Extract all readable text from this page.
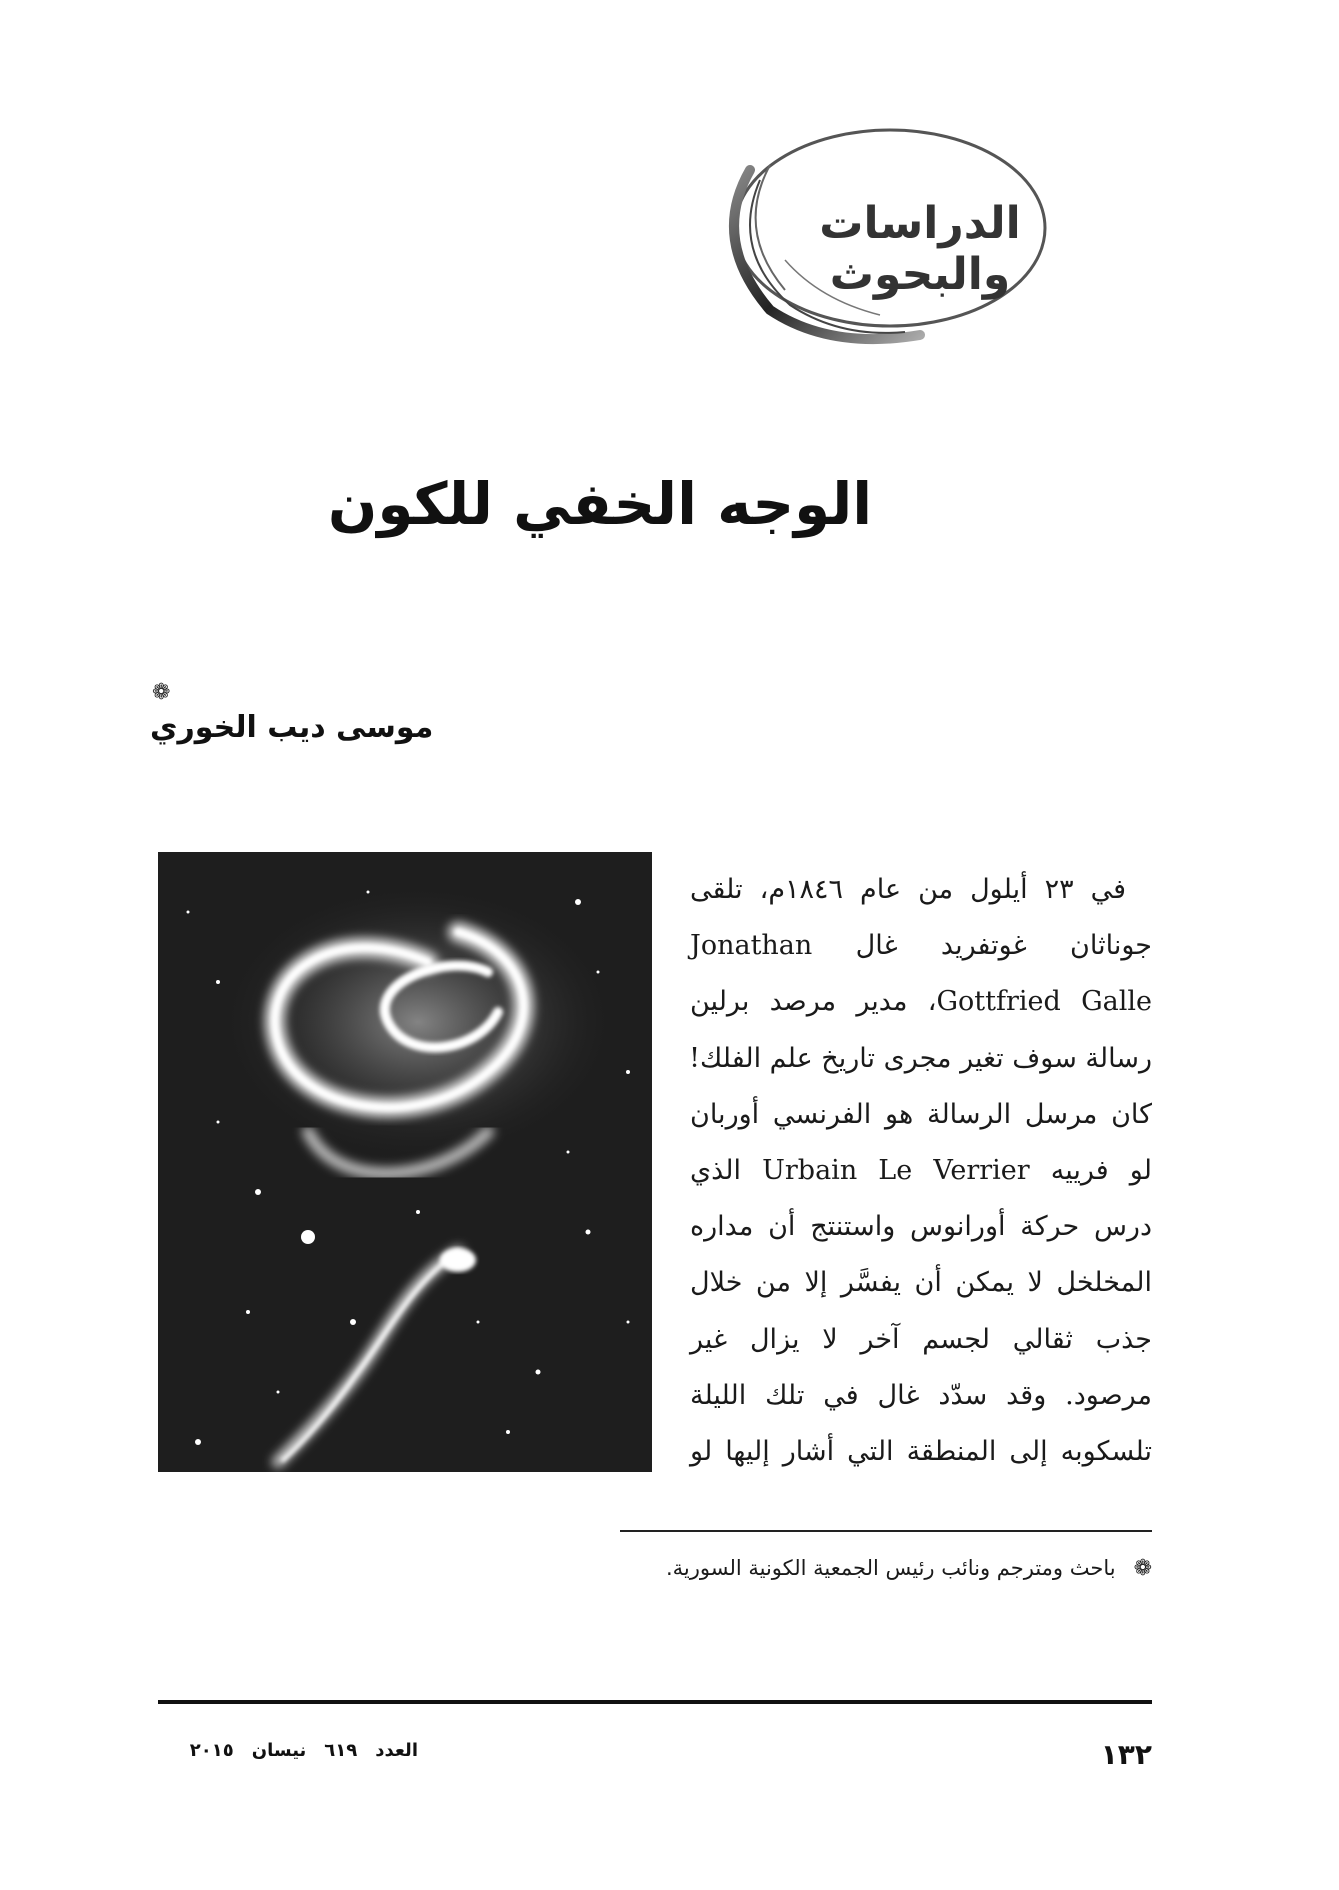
الدراسات والبحوث
الوجه الخفي للكون
❁
موسى ديب الخوري
في ٢٣ أيلول من عام ١٨٤٦م، تلقى
جوناثان غوتفريد غال Jonathan
Gottfried Galle، مدير مرصد برلين
رسالة سوف تغير مجرى تاريخ علم الفلك!
كان مرسل الرسالة هو الفرنسي أوربان
لو فرييه Urbain Le Verrier الذي
درس حركة أورانوس واستنتج أن مداره
المخلخل لا يمكن أن يفسَّر إلا من خلال
جذب ثقالي لجسم آخر لا يزال غير
مرصود. وقد سدّد غال في تلك الليلة
تلسكوبه إلى المنطقة التي أشار إليها لو
❁باحث ومترجم ونائب رئيس الجمعية الكونية السورية.
١٣٢
العدد٦١٩نيسان٢٠١٥
